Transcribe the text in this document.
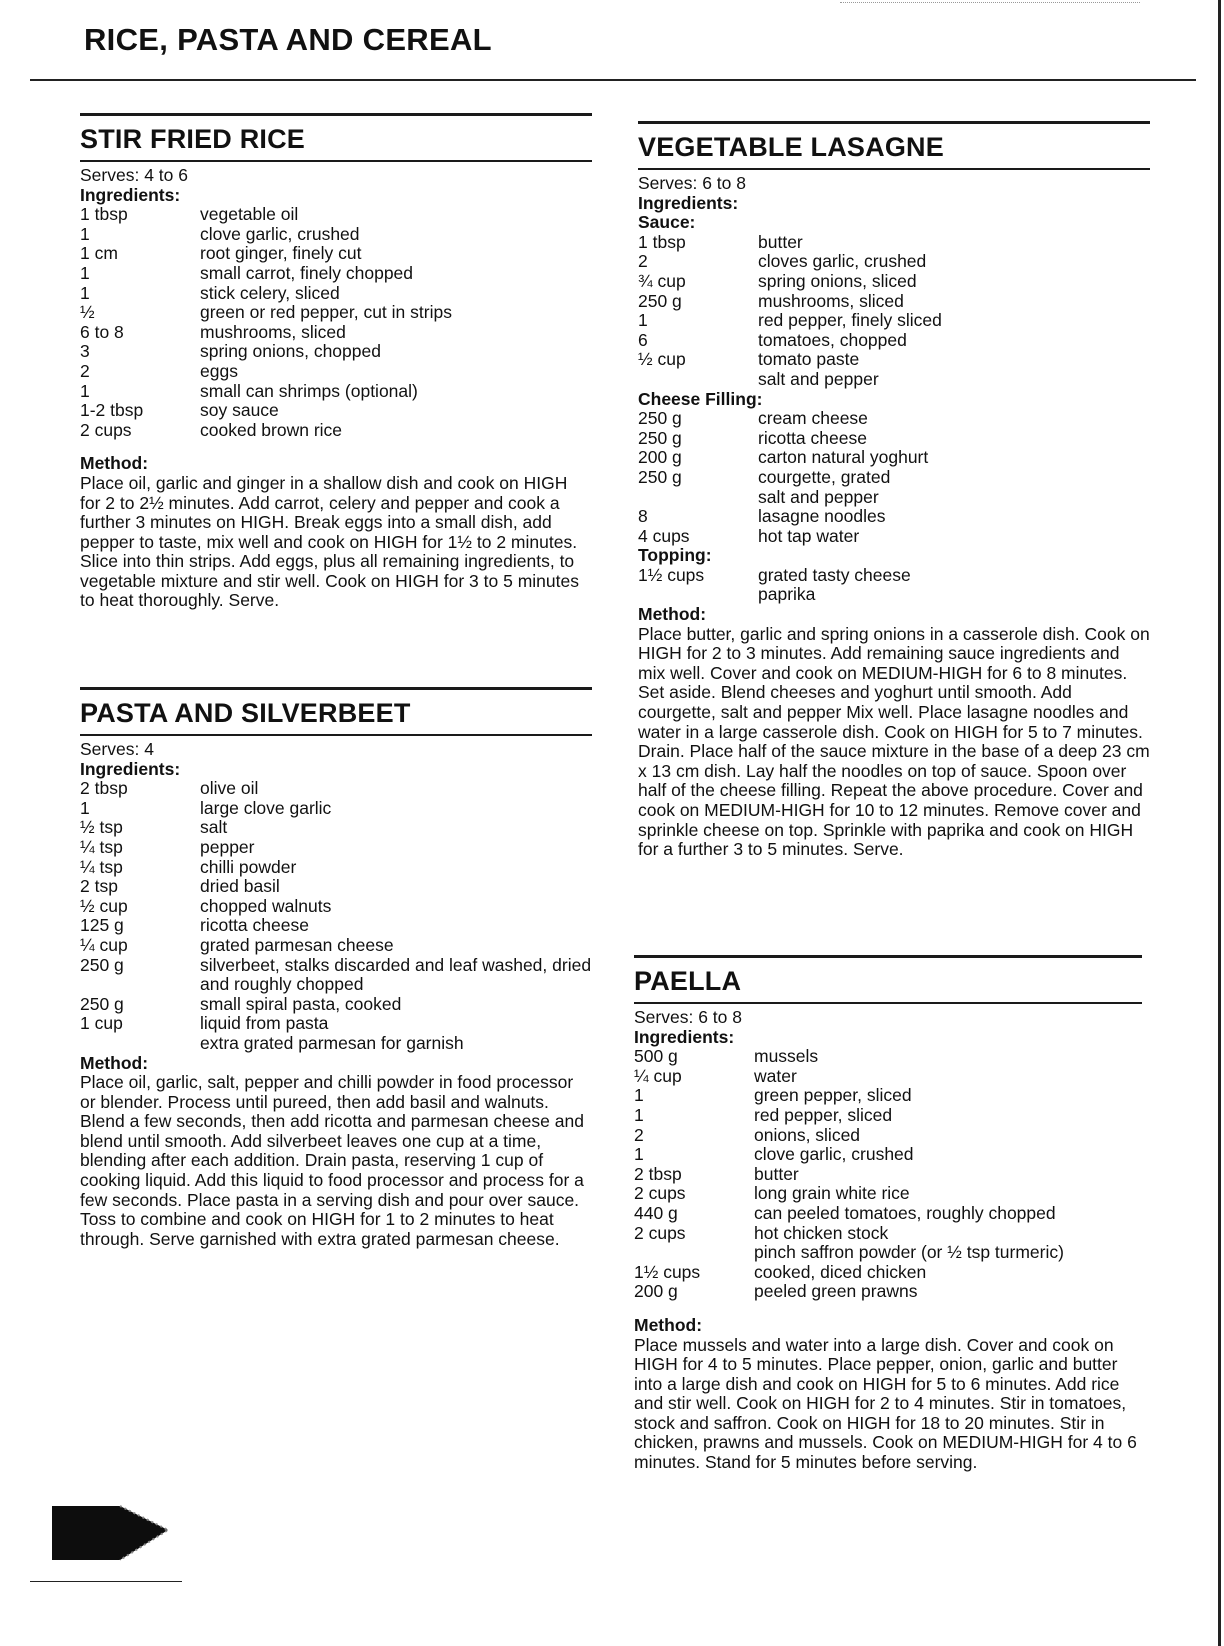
RICE, PASTA AND CEREAL
STIR FRIED RICE
Serves: 4 to 6
Ingredients:
1 tbsp	vegetable oil
1	clove garlic, crushed
1 cm	root ginger, finely cut
1	small carrot, finely chopped
1	stick celery, sliced
½	green or red pepper, cut in strips
6 to 8	mushrooms, sliced
3	spring onions, chopped
2	eggs
1	small can shrimps (optional)
1-2 tbsp	soy sauce
2 cups	cooked brown rice
Method:
Place oil, garlic and ginger in a shallow dish and cook on HIGH for 2 to 2½ minutes. Add carrot, celery and pepper and cook a further 3 minutes on HIGH. Break eggs into a small dish, add pepper to taste, mix well and cook on HIGH for 1½ to 2 minutes. Slice into thin strips. Add eggs, plus all remaining ingredients, to vegetable mixture and stir well. Cook on HIGH for 3 to 5 minutes to heat thoroughly. Serve.
PASTA AND SILVERBEET
Serves: 4
Ingredients:
2 tbsp	olive oil
1	large clove garlic
½ tsp	salt
¼ tsp	pepper
¼ tsp	chilli powder
2 tsp	dried basil
½ cup	chopped walnuts
125 g	ricotta cheese
¼ cup	grated parmesan cheese
250 g	silverbeet, stalks discarded and leaf washed, dried and roughly chopped
250 g	small spiral pasta, cooked
1 cup	liquid from pasta
extra grated parmesan for garnish
Method:
Place oil, garlic, salt, pepper and chilli powder in food processor or blender. Process until pureed, then add basil and walnuts. Blend a few seconds, then add ricotta and parmesan cheese and blend until smooth. Add silverbeet leaves one cup at a time, blending after each addition. Drain pasta, reserving 1 cup of cooking liquid. Add this liquid to food processor and process for a few seconds. Place pasta in a serving dish and pour over sauce. Toss to combine and cook on HIGH for 1 to 2 minutes to heat through. Serve garnished with extra grated parmesan cheese.
VEGETABLE LASAGNE
Serves: 6 to 8
Ingredients:
Sauce:
1 tbsp	butter
2	cloves garlic, crushed
¾ cup	spring onions, sliced
250 g	mushrooms, sliced
1	red pepper, finely sliced
6	tomatoes, chopped
½ cup	tomato paste
salt and pepper
Cheese Filling:
250 g	cream cheese
250 g	ricotta cheese
200 g	carton natural yoghurt
250 g	courgette, grated
salt and pepper
8	lasagne noodles
4 cups	hot tap water
Topping:
1½ cups	grated tasty cheese
paprika
Method:
Place butter, garlic and spring onions in a casserole dish. Cook on HIGH for 2 to 3 minutes. Add remaining sauce ingredients and mix well. Cover and cook on MEDIUM-HIGH for 6 to 8 minutes. Set aside. Blend cheeses and yoghurt until smooth. Add courgette, salt and pepper Mix well. Place lasagne noodles and water in a large casserole dish. Cook on HIGH for 5 to 7 minutes. Drain. Place half of the sauce mixture in the base of a deep 23 cm x 13 cm dish. Lay half the noodles on top of sauce. Spoon over half of the cheese filling. Repeat the above procedure. Cover and cook on MEDIUM-HIGH for 10 to 12 minutes. Remove cover and sprinkle cheese on top. Sprinkle with paprika and cook on HIGH for a further 3 to 5 minutes. Serve.
PAELLA
Serves: 6 to 8
Ingredients:
500 g	mussels
¼ cup	water
1	green pepper, sliced
1	red pepper, sliced
2	onions, sliced
1	clove garlic, crushed
2 tbsp	butter
2 cups	long grain white rice
440 g	can peeled tomatoes, roughly chopped
2 cups	hot chicken stock
pinch saffron powder (or ½ tsp turmeric)
1½ cups	cooked, diced chicken
200 g	peeled green prawns
Method:
Place mussels and water into a large dish. Cover and cook on HIGH for 4 to 5 minutes. Place pepper, onion, garlic and butter into a large dish and cook on HIGH for 5 to 6 minutes. Add rice and stir well. Cook on HIGH for 2 to 4 minutes. Stir in tomatoes, stock and saffron. Cook on HIGH for 18 to 20 minutes. Stir in chicken, prawns and mussels. Cook on MEDIUM-HIGH for 4 to 6 minutes. Stand for 5 minutes before serving.
